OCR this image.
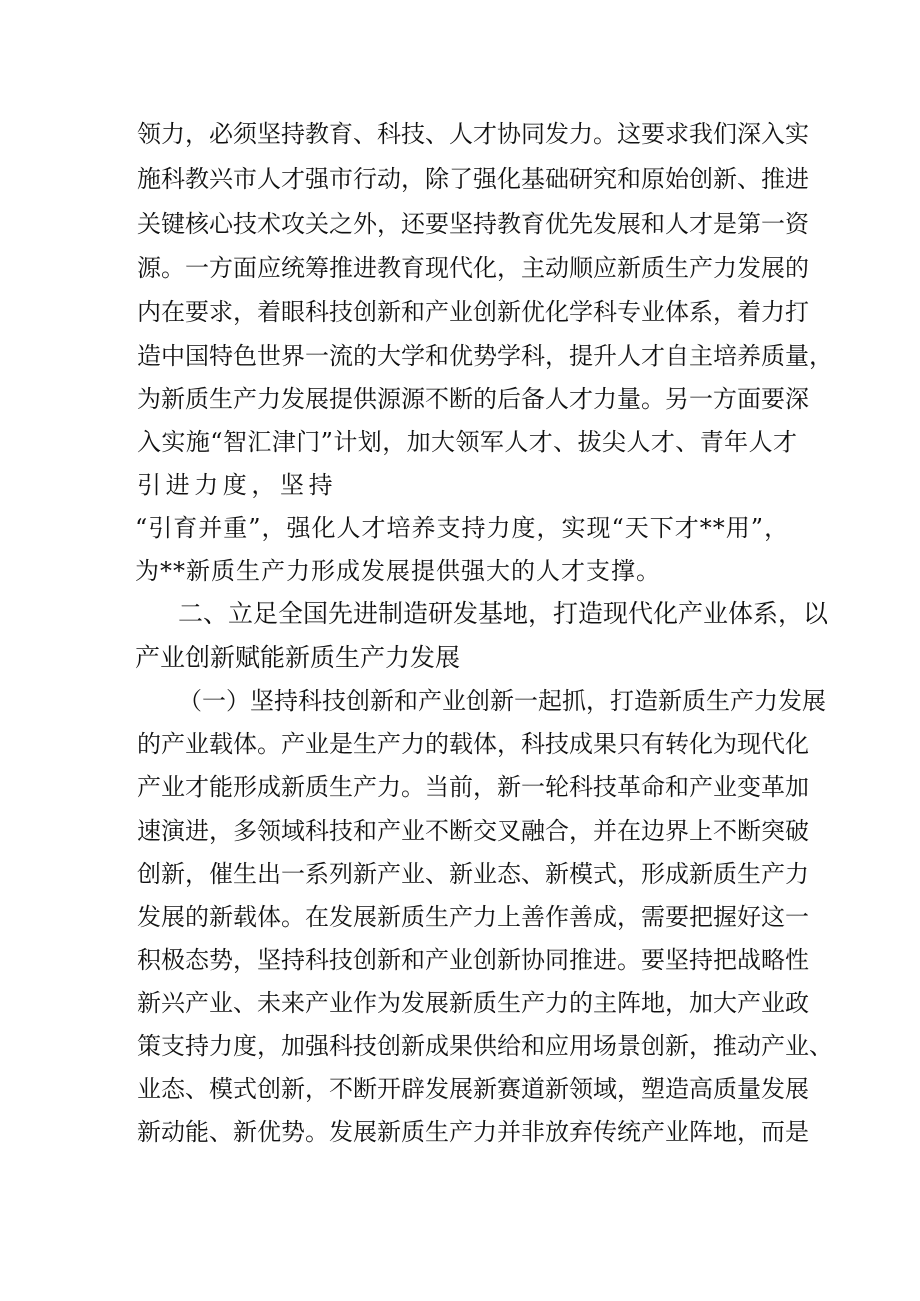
领力，必须坚持教育、科技、人才协同发力。这要求我们深入实
施科教兴市人才强市行动，除了强化基础研究和原始创新、推进
关键核心技术攻关之外，还要坚持教育优先发展和人才是第一资
源。一方面应统筹推进教育现代化，主动顺应新质生产力发展的
内在要求，着眼科技创新和产业创新优化学科专业体系，着力打
造中国特色世界一流的大学和优势学科，提升人才自主培养质量，
为新质生产力发展提供源源不断的后备人才力量。另一方面要深
入实施“智汇津门”计划，加大领军人才、拔尖人才、青年人才
引进力度，坚持
“引育并重”，强化人才培养支持力度，实现“天下才**用”，
为**新质生产力形成发展提供强大的人才支撑。
二、立足全国先进制造研发基地，打造现代化产业体系，以
产业创新赋能新质生产力发展
（一）坚持科技创新和产业创新一起抓，打造新质生产力发展
的产业载体。产业是生产力的载体，科技成果只有转化为现代化
产业才能形成新质生产力。当前，新一轮科技革命和产业变革加
速演进，多领域科技和产业不断交叉融合，并在边界上不断突破
创新，催生出一系列新产业、新业态、新模式，形成新质生产力
发展的新载体。在发展新质生产力上善作善成，需要把握好这一
积极态势，坚持科技创新和产业创新协同推进。要坚持把战略性
新兴产业、未来产业作为发展新质生产力的主阵地，加大产业政
策支持力度，加强科技创新成果供给和应用场景创新，推动产业、
业态、模式创新，不断开辟发展新赛道新领域，塑造高质量发展
新动能、新优势。发展新质生产力并非放弃传统产业阵地，而是
